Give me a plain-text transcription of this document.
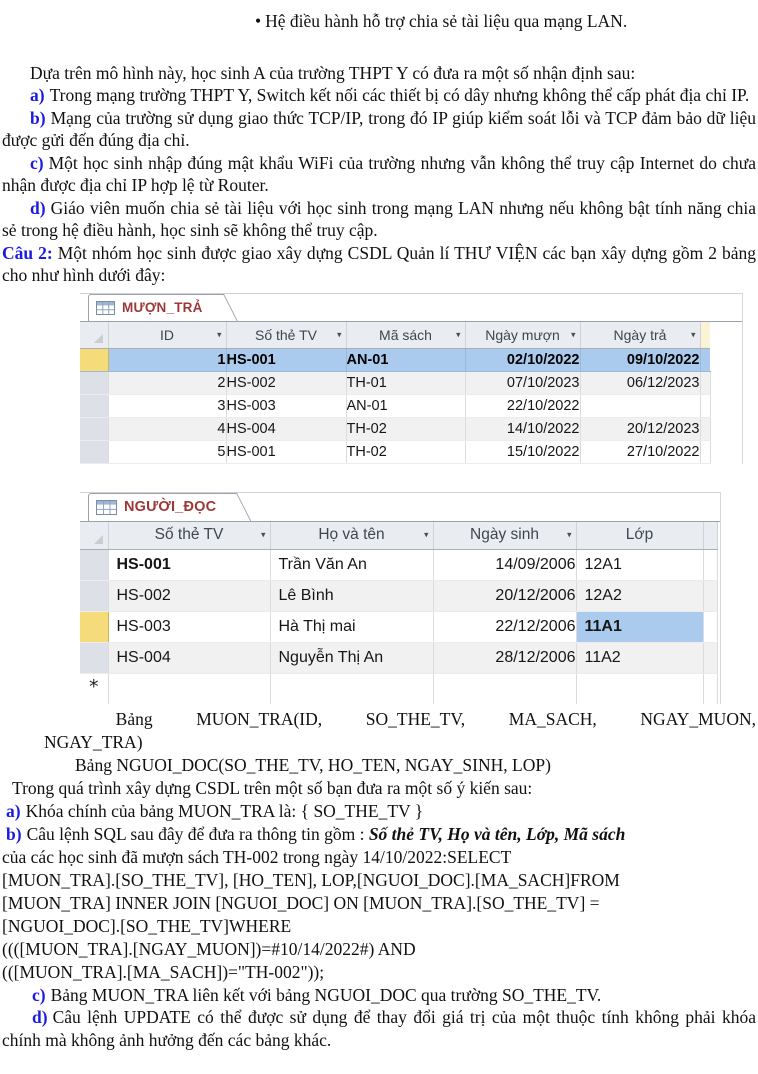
• Hệ điều hành hỗ trợ chia sẻ tài liệu qua mạng LAN.

Dựa trên mô hình này, học sinh A của trường THPT Y có đưa ra một số nhận định sau:

a) Trong mạng trường THPT Y, Switch kết nối các thiết bị có dây nhưng không thể cấp phát địa chỉ IP.

b) Mạng của trường sử dụng giao thức TCP/IP, trong đó IP giúp kiểm soát lỗi và TCP đảm bảo dữ liệu được gửi đến đúng địa chỉ.

c) Một học sinh nhập đúng mật khẩu WiFi của trường nhưng vẫn không thể truy cập Internet do chưa nhận được địa chỉ IP hợp lệ từ Router.

d) Giáo viên muốn chia sẻ tài liệu với học sinh trong mạng LAN nhưng nếu không bật tính năng chia sẻ trong hệ điều hành, học sinh sẽ không thể truy cập.

Câu 2: Một nhóm học sinh được giao xây dựng CSDL Quản lí THƯ VIỆN các bạn xây dựng gồm 2 bảng cho như hình dưới đây:

MƯỢN_TRẢ
	ID ▾	Số thẻ TV ▾	Mã sách ▾	Ngày mượn ▾	Ngày trả ▾	

	1	HS-001	AN-01	02/10/2022	09/10/2022	
	2	HS-002	TH-01	07/10/2023	06/12/2023	
	3	HS-003	AN-01	22/10/2022		
	4	HS-004	TH-02	14/10/2022	20/12/2023	
	5	HS-001	TH-02	15/10/2022	27/10/2022	
NGƯỜI_ĐỌC
	Số thẻ TV ▾	Họ và tên ▾	Ngày sinh ▾	Lớp	
	HS-001	Trần Văn An	14/09/2006	12A1	
	HS-002	Lê Bình	20/12/2006	12A2	
	HS-003	Hà Thị mai	22/12/2006	11A1	
	HS-004	Nguyễn Thị An	28/12/2006	11A2	
*					
Bảng MUON_TRA(ID, SO_THE_TV, MA_SACH, NGAY_MUON,
NGAY_TRA)
Bảng NGUOI_DOC(SO_THE_TV, HO_TEN, NGAY_SINH, LOP)
Trong quá trình xây dựng CSDL trên một số bạn đưa ra một số ý kiến sau:
a) Khóa chính của bảng MUON_TRA là: { SO_THE_TV }
b) Câu lệnh SQL sau đây để đưa ra thông tin gồm : Số thẻ TV, Họ và tên, Lớp, Mã sách
của các học sinh đã mượn sách TH-002 trong ngày 14/10/2022:SELECT
[MUON_TRA].[SO_THE_TV], [HO_TEN], LOP,[NGUOI_DOC].[MA_SACH]FROM
[MUON_TRA] INNER JOIN [NGUOI_DOC] ON [MUON_TRA].[SO_THE_TV] =
[NGUOI_DOC].[SO_THE_TV]WHERE
((([MUON_TRA].[NGAY_MUON])=#10/14/2022#) AND
(([MUON_TRA].[MA_SACH])="TH-002"));

c) Bảng MUON_TRA liên kết với bảng NGUOI_DOC qua trường SO_THE_TV.

d) Câu lệnh UPDATE có thể được sử dụng để thay đổi giá trị của một thuộc tính không phải khóa chính mà không ảnh hưởng đến các bảng khác.
